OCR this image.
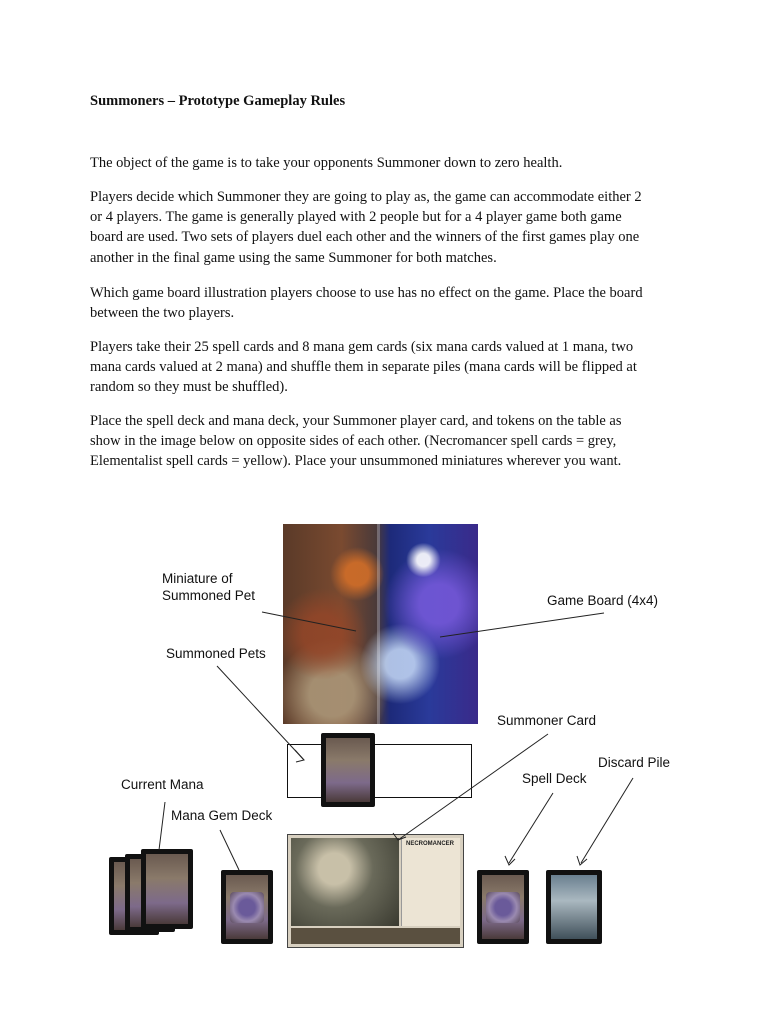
Summoners – Prototype Gameplay Rules

The object of the game is to take your opponents Summoner down to zero health.

Players decide which Summoner they are going to play as, the game can accommodate either 2
or 4 players. The game is generally played with 2 people but for a 4 player game both game
board are used. Two sets of players duel each other and the winners of the first games play one
another in the final game using the same Summoner for both matches.

Which game board illustration players choose to use has no effect on the game. Place the board
between the two players.

Players take their 25 spell cards and 8 mana gem cards (six mana cards valued at 1 mana, two
mana cards valued at 2 mana) and shuffle them in separate piles (mana cards will be flipped at
random so they must be shuffled).

Place the spell deck and mana deck, your Summoner player card, and tokens on the table as
show in the image below on opposite sides of each other. (Necromancer spell cards = grey,
Elementalist spell cards = yellow). Place your unsummoned miniatures wherever you want.

NECROMANCER
Miniature of
Summoned Pet	Game Board (4x4)
Summoned Pets
Summoner Card
Discard Pile
Spell Deck
Current Mana
Mana Gem Deck
